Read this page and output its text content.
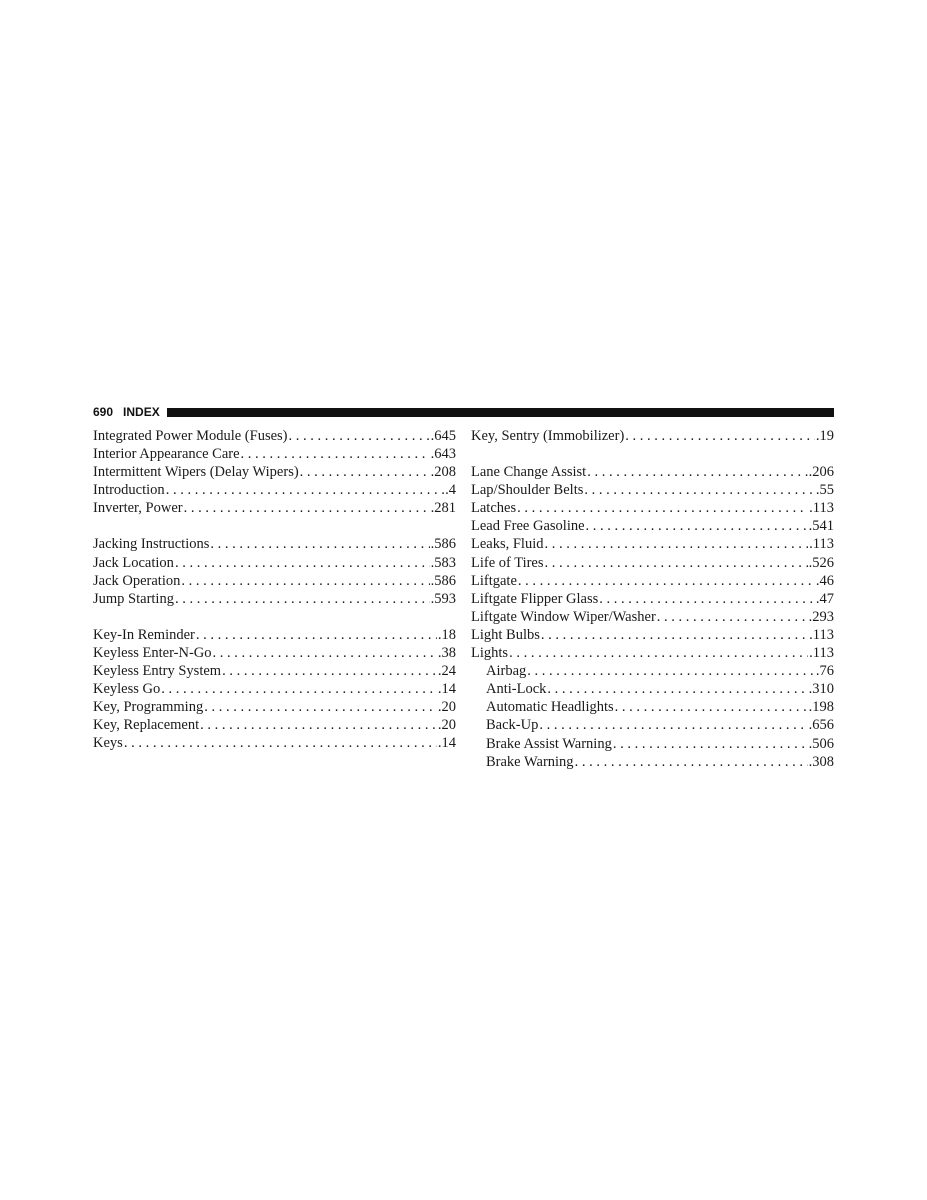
690 INDEX
Integrated Power Module (Fuses) . . .	.645
Interior Appearance Care . . .	.643
Intermittent Wipers (Delay Wipers) . . .	.208
Introduction . . .	.4
Inverter, Power . . .	.281
Jacking Instructions . . .	.586
Jack Location . . .	.583
Jack Operation . . .	.586
Jump Starting . . .	.593
Key-In Reminder . . .	.18
Keyless Enter-N-Go . . .	.38
Keyless Entry System . . .	.24
Keyless Go . . .	.14
Key, Programming . . .	.20
Key, Replacement . . .	.20
Keys . . .	.14
Key, Sentry (Immobilizer) . . .	.19
Lane Change Assist . . .	.206
Lap/Shoulder Belts . . .	.55
Latches . . .	.113
Lead Free Gasoline . . .	.541
Leaks, Fluid . . .	.113
Life of Tires . . .	.526
Liftgate . . .	.46
Liftgate Flipper Glass . . .	.47
Liftgate Window Wiper/Washer . . .	.293
Light Bulbs . . .	.113
Lights . . .	.113
Airbag . . .	.76
Anti-Lock . . .	.310
Automatic Headlights . . .	.198
Back-Up . . .	.656
Brake Assist Warning . . .	.506
Brake Warning . . .	.308
